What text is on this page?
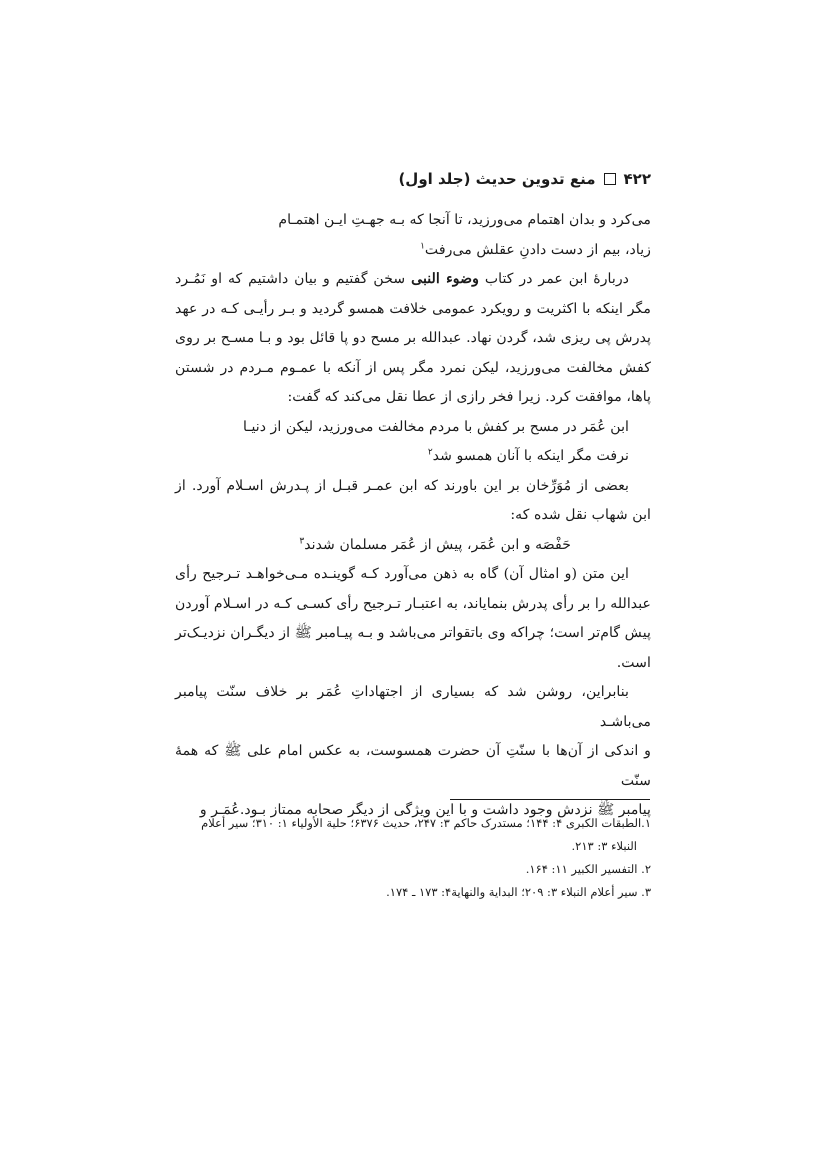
۴۲۲
منع تدوین حدیث (جلد اول)

می‌کرد و بدان اهتمام می‌ورزید، تا آنجا که بـه جهـتِ ایـن اهتمـام
زیاد، بیم از دست دادنِ عقلش می‌رفت$^۱$

دربارهٔ ابن عمر در کتاب وضوء النبی سخن گفتیم و بیان داشتیم که او نَمُـرد مگر اینکه با اکثریت و رویکرد عمومی خلافت همسو گردید و بـر رأیـی کـه در عهد پدرش پی ریزی شد، گردن نهاد. عبدالله بر مسح دو پا قائل بود و بـا مسـح بر روی کفش مخالفت می‌ورزید، لیکن نمرد مگر پس از آنکه با عمـوم مـردم در شستن پاها، موافقت کرد. زیرا فخر رازی از عطا نقل می‌کند که گفت:

ابن عُمَر در مسح بر کفش با مردم مخالفت می‌ورزید، لیکن از دنیـا
نرفت مگر اینکه با آنان همسو شد$^۲$

بعضی از مُوَرِّخان بر این باورند که ابن عمـر قبـل از پـدرش اسـلام آورد. از ابن شهاب نقل شده که:

حَفْصَه و ابن عُمَر، پیش از عُمَر مسلمان شدند$^۳$

این متن (و امثال آن) گاه به ذهن می‌آورد کـه گوینـده مـی‌خواهـد تـرجیح رأی عبدالله را بر رأی پدرش بنمایاند، به اعتبـار تـرجیح رأی کسـی کـه در اسـلام آوردن پیش گام‌تر است؛ چراکه وی باتقواتر می‌باشد و بـه پیـامبر ﷺ از دیگـران نزدیـک‌تر است.

بنابراین، روشن شد که بسیاری از اجتهاداتِ عُمَر بر خلاف سنّت پیامبر می‌باشـد
و اندکی از آن‌ها با سنّتِ آن حضرت همسوست، به عکس امام علی ﷺ که همهٔ سنّت
پیامبر ﷺ نزدش وجود داشت و با این ویژگی از دیگر صحابه ممتاز بـود.عُمَـر و

۱.الطبقات الکبری ۴: ۱۴۴؛ مستدرک حاکم ۳: ۲۴۷، حدیث ۶۳۷۶؛ حلیة الأولیاء ۱: ۳۱۰؛ سیر أعلام
النبلاء ۳: ۲۱۳.

۲. التفسیر الکبیر ۱۱: ۱۶۴.

۳. سیر أعلام النبلاء ۳: ۲۰۹؛ البدایة والنهایة۴: ۱۷۳ ـ ۱۷۴.
